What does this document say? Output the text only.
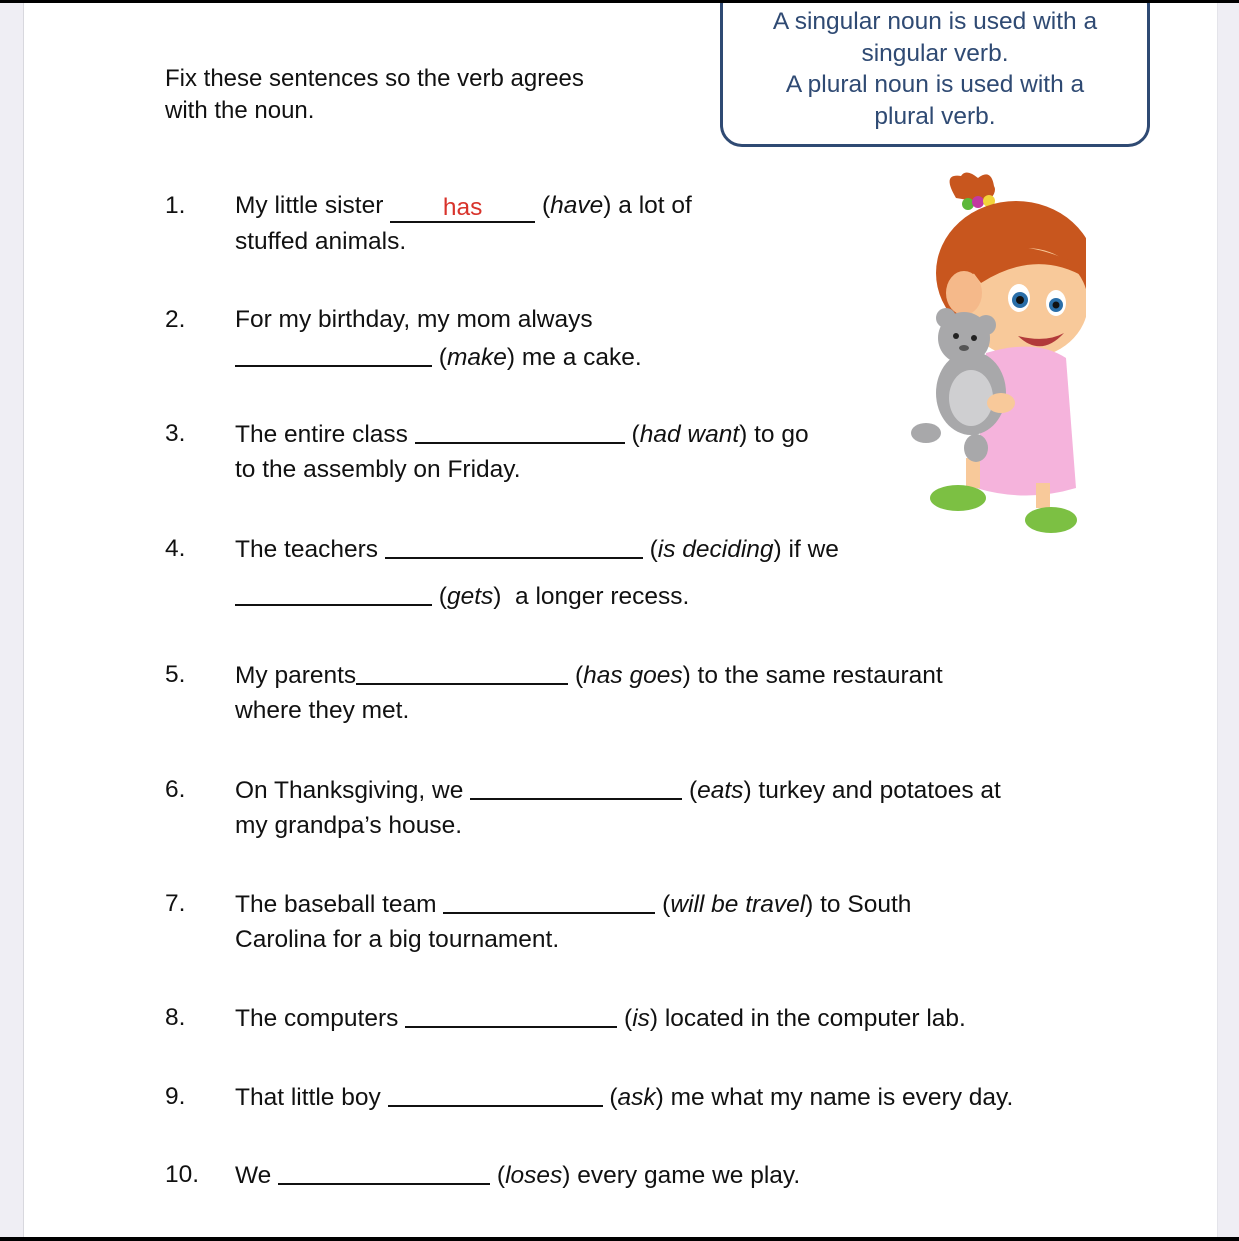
Fix these sentences so the verb agrees
with the noun.
A singular noun is used with a
singular verb.
A plural noun is used with a
plural verb.
1. My little sister has (have) a lot of
stuffed animals.
2. For my birthday, my mom always
(make) me a cake.
3. The entire class	(had want) to go
to the assembly on Friday.
4. The teachers	(is deciding) if we
(gets)  a longer recess.
5. My parents	(has goes) to the same restaurant
where they met.
6. On Thanksgiving, we	(eats) turkey and potatoes at
my grandpa’s house.
7. The baseball team	(will be travel) to South
Carolina for a big tournament.
8. The computers	(is) located in the computer lab.
9. That little boy	(ask) me what my name is every day.
10. We	(loses) every game we play.
